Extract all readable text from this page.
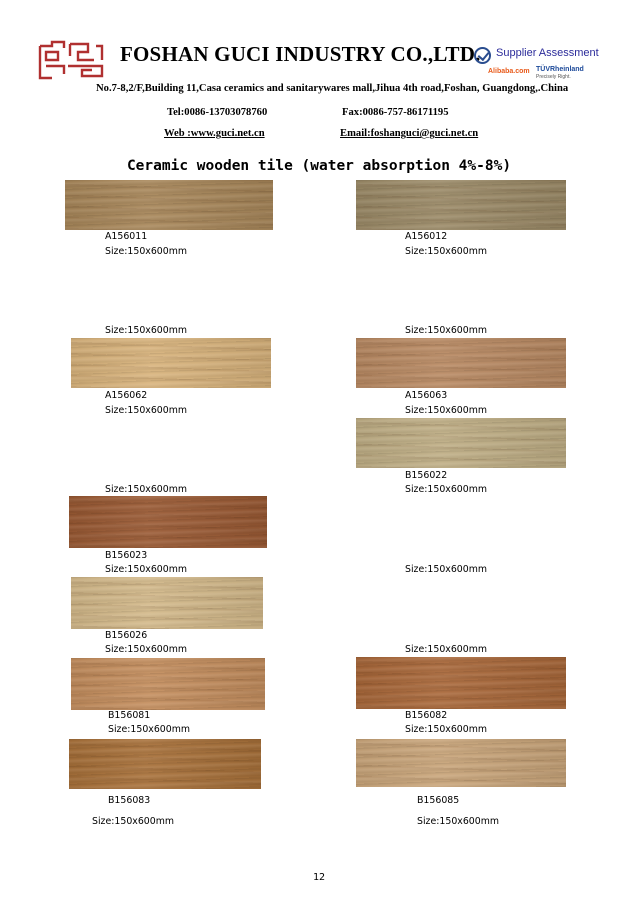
FOSHAN GUCI INDUSTRY CO.,LTD. Supplier Assessment
Alibaba.com TÜVRheinland
Precisely Right.
No.7-8,2/F,Building 11,Casa ceramics and sanitarywares mall,Jihua 4th road,Foshan, Guangdong,.China
Tel:0086-13703078760	Fax:0086-757-86171195
Web :www.guci.net.cn	Email:foshanguci@guci.net.cn
Ceramic wooden tile (water absorption 4%-8%)
A156011
Size:150x600mm
A156012
Size:150x600mm
Size:150x600mm	Size:150x600mm
A156062
Size:150x600mm
A156063
Size:150x600mm
B156022
Size:150x600mm
Size:150x600mm
B156023
Size:150x600mm	Size:150x600mm
B156026
Size:150x600mm	Size:150x600mm
B156081
Size:150x600mm
B156082
Size:150x600mm
B156083
Size:150x600mm
B156085
Size:150x600mm
12
